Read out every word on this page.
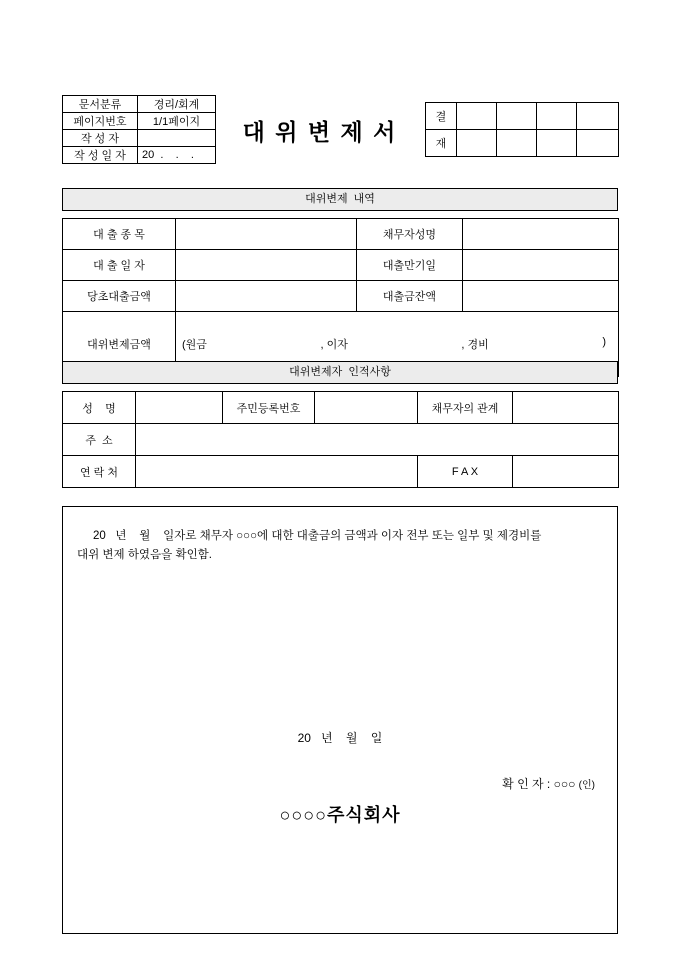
문서분류	경리/회계
페이지번호	1/1페이지
작 성 자	
작 성 일 자	20  .    .    .
대 위 변 제 서
결				
재				
대위변제  내역
대 출 종 목		채무자성명	
대 출 일 자		대출만기일	
당초대출금액		대출금잔액	
대위변제금액	(원금 , 이자 , 경비 )		

대위변제자  인적사항
성    명		주민등록번호		채무자의 관계	
주  소					
연 락 처				F A X	
20   년    월    일자로 채무자 ○○○에 대한 대출금의 금액과 이자 전부 또는 일부 및 제경비를
대위 변제 하였음을 확인함.
20   년    월    일

확 인 자 : ○○○ (인)

○○○○주식회사
